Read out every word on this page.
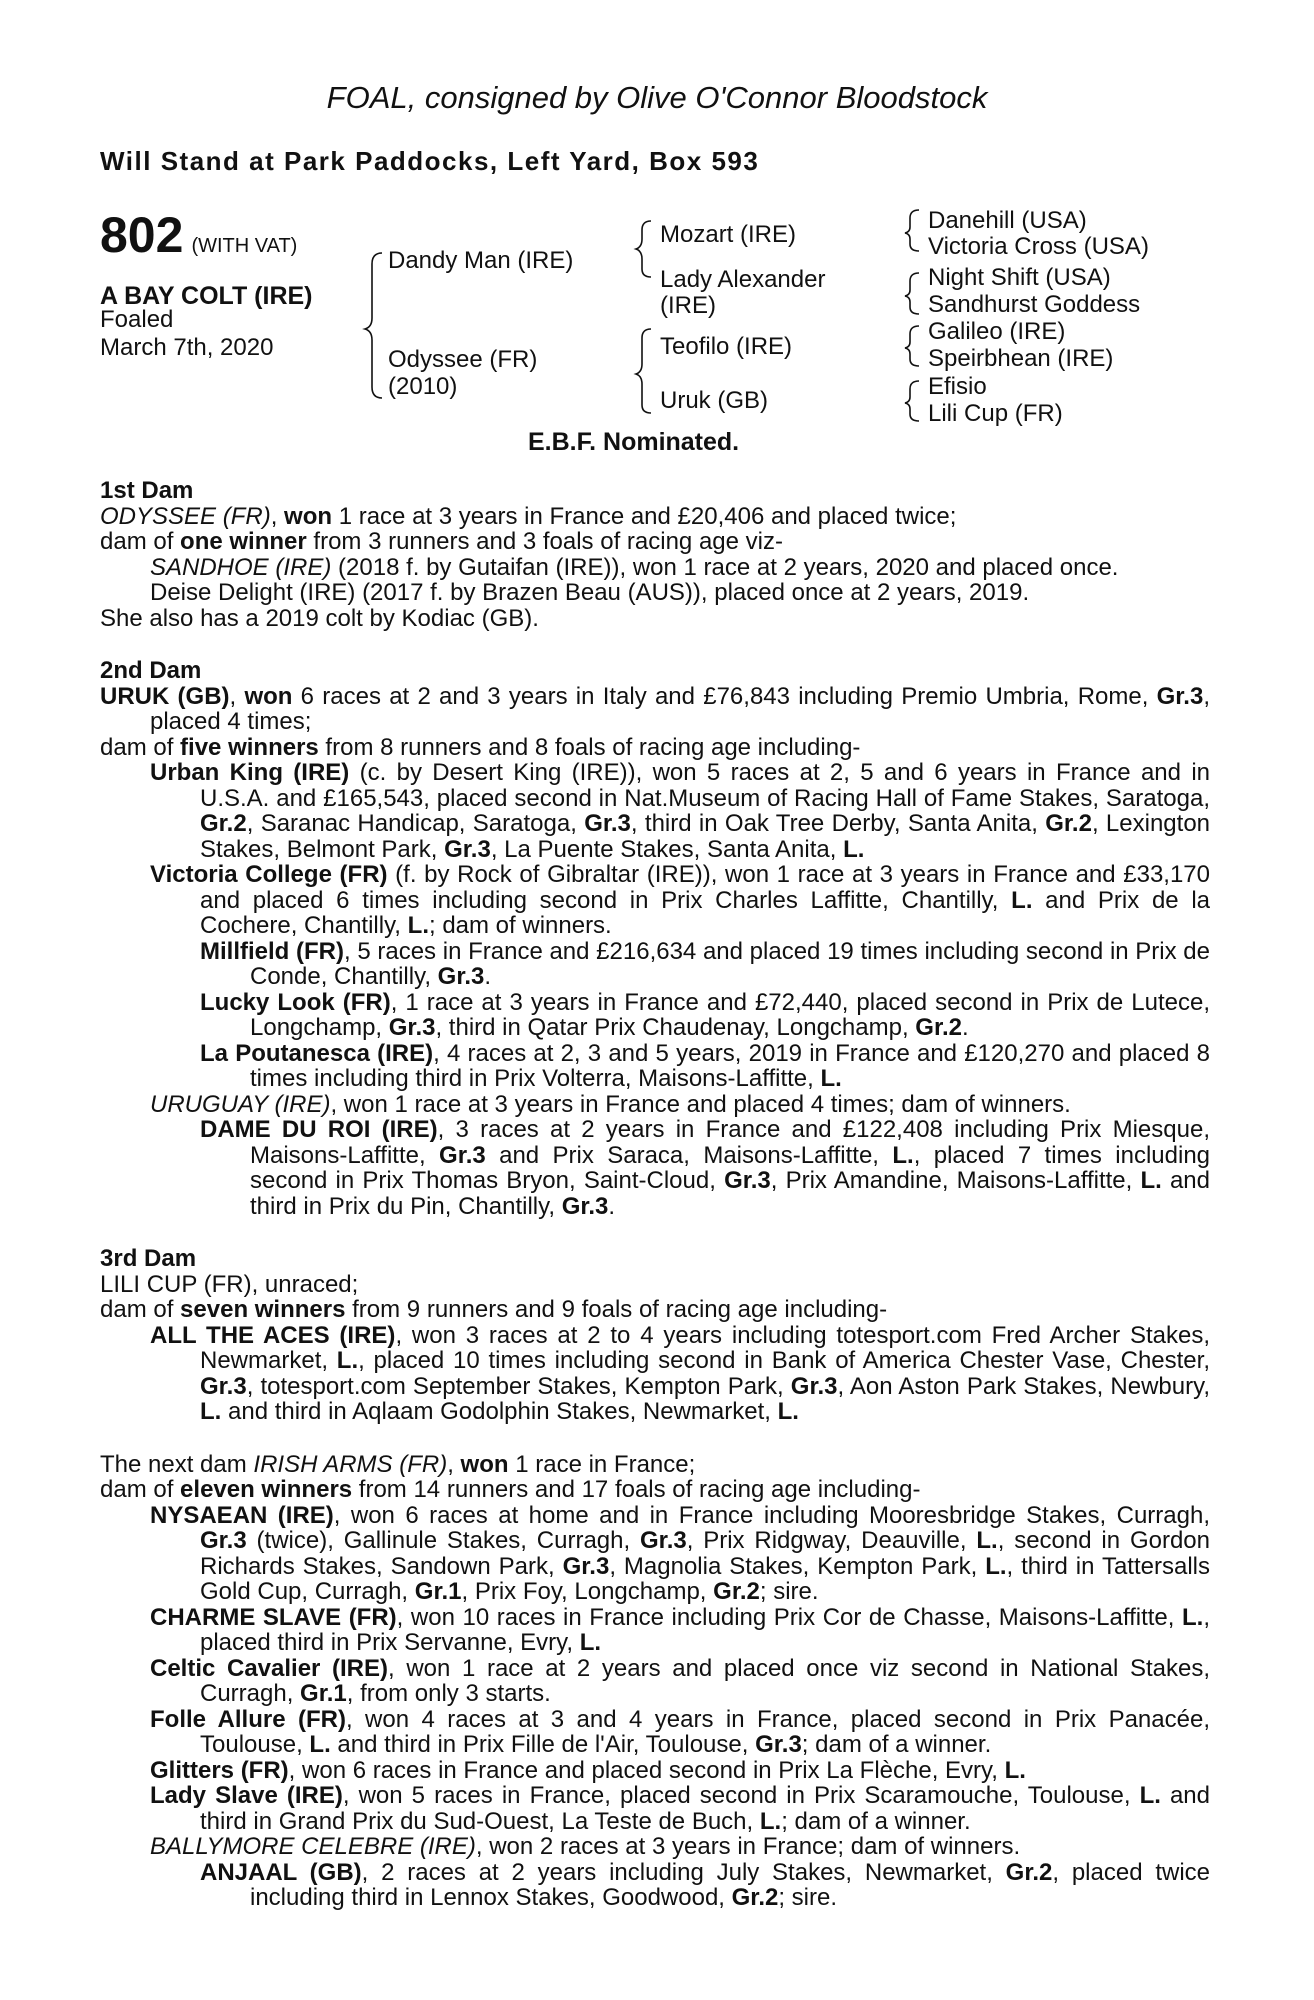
FOAL, consigned by Olive O'Connor Bloodstock
Will Stand at Park Paddocks, Left Yard, Box 593
802 (WITH VAT)
A BAY COLT (IRE)
Foaled
March 7th, 2020
Dandy Man (IRE)
Odyssee (FR)
(2010)
Mozart (IRE)
Lady Alexander
(IRE)
Teofilo (IRE)
Uruk (GB)
Danehill (USA)
Victoria Cross (USA)
Night Shift (USA)
Sandhurst Goddess
Galileo (IRE)
Speirbhean (IRE)
Efisio
Lili Cup (FR)
E.B.F. Nominated.
1st Dam

ODYSSEE (FR), won 1 race at 3 years in France and £20,406 and placed twice;

dam of one winner from 3 runners and 3 foals of racing age viz-

SANDHOE (IRE) (2018 f. by Gutaifan (IRE)), won 1 race at 2 years, 2020 and placed once.

Deise Delight (IRE) (2017 f. by Brazen Beau (AUS)), placed once at 2 years, 2019.

She also has a 2019 colt by Kodiac (GB).

2nd Dam

URUK (GB), won 6 races at 2 and 3 years in Italy and £76,843 including Premio Umbria, Rome, Gr.3, placed 4 times;

dam of five winners from 8 runners and 8 foals of racing age including-

Urban King (IRE) (c. by Desert King (IRE)), won 5 races at 2, 5 and 6 years in France and in U.S.A. and £165,543, placed second in Nat.Museum of Racing Hall of Fame Stakes, Saratoga, Gr.2, Saranac Handicap, Saratoga, Gr.3, third in Oak Tree Derby, Santa Anita, Gr.2, Lexington Stakes, Belmont Park, Gr.3, La Puente Stakes, Santa Anita, L.

Victoria College (FR) (f. by Rock of Gibraltar (IRE)), won 1 race at 3 years in France and £33,170 and placed 6 times including second in Prix Charles Laffitte, Chantilly, L. and Prix de la Cochere, Chantilly, L.; dam of winners.

Millfield (FR), 5 races in France and £216,634 and placed 19 times including second in Prix de Conde, Chantilly, Gr.3.

Lucky Look (FR), 1 race at 3 years in France and £72,440, placed second in Prix de Lutece, Longchamp, Gr.3, third in Qatar Prix Chaudenay, Longchamp, Gr.2.

La Poutanesca (IRE), 4 races at 2, 3 and 5 years, 2019 in France and £120,270 and placed 8 times including third in Prix Volterra, Maisons-Laffitte, L.

URUGUAY (IRE), won 1 race at 3 years in France and placed 4 times; dam of winners.

DAME DU ROI (IRE), 3 races at 2 years in France and £122,408 including Prix Miesque, Maisons-Laffitte, Gr.3 and Prix Saraca, Maisons-Laffitte, L., placed 7 times including second in Prix Thomas Bryon, Saint-Cloud, Gr.3, Prix Amandine, Maisons-Laffitte, L. and third in Prix du Pin, Chantilly, Gr.3.

3rd Dam

LILI CUP (FR), unraced;

dam of seven winners from 9 runners and 9 foals of racing age including-

ALL THE ACES (IRE), won 3 races at 2 to 4 years including totesport.com Fred Archer Stakes, Newmarket, L., placed 10 times including second in Bank of America Chester Vase, Chester, Gr.3, totesport.com September Stakes, Kempton Park, Gr.3, Aon Aston Park Stakes, Newbury, L. and third in Aqlaam Godolphin Stakes, Newmarket, L.

The next dam IRISH ARMS (FR), won 1 race in France;

dam of eleven winners from 14 runners and 17 foals of racing age including-

NYSAEAN (IRE), won 6 races at home and in France including Mooresbridge Stakes, Curragh, Gr.3 (twice), Gallinule Stakes, Curragh, Gr.3, Prix Ridgway, Deauville, L., second in Gordon Richards Stakes, Sandown Park, Gr.3, Magnolia Stakes, Kempton Park, L., third in Tattersalls Gold Cup, Curragh, Gr.1, Prix Foy, Longchamp, Gr.2; sire.

CHARME SLAVE (FR), won 10 races in France including Prix Cor de Chasse, Maisons-Laffitte, L., placed third in Prix Servanne, Evry, L.

Celtic Cavalier (IRE), won 1 race at 2 years and placed once viz second in National Stakes, Curragh, Gr.1, from only 3 starts.

Folle Allure (FR), won 4 races at 3 and 4 years in France, placed second in Prix Panacée, Toulouse, L. and third in Prix Fille de l'Air, Toulouse, Gr.3; dam of a winner.

Glitters (FR), won 6 races in France and placed second in Prix La Flèche, Evry, L.

Lady Slave (IRE), won 5 races in France, placed second in Prix Scaramouche, Toulouse, L. and third in Grand Prix du Sud-Ouest, La Teste de Buch, L.; dam of a winner.

BALLYMORE CELEBRE (IRE), won 2 races at 3 years in France; dam of winners.

ANJAAL (GB), 2 races at 2 years including July Stakes, Newmarket, Gr.2, placed twice including third in Lennox Stakes, Goodwood, Gr.2; sire.
